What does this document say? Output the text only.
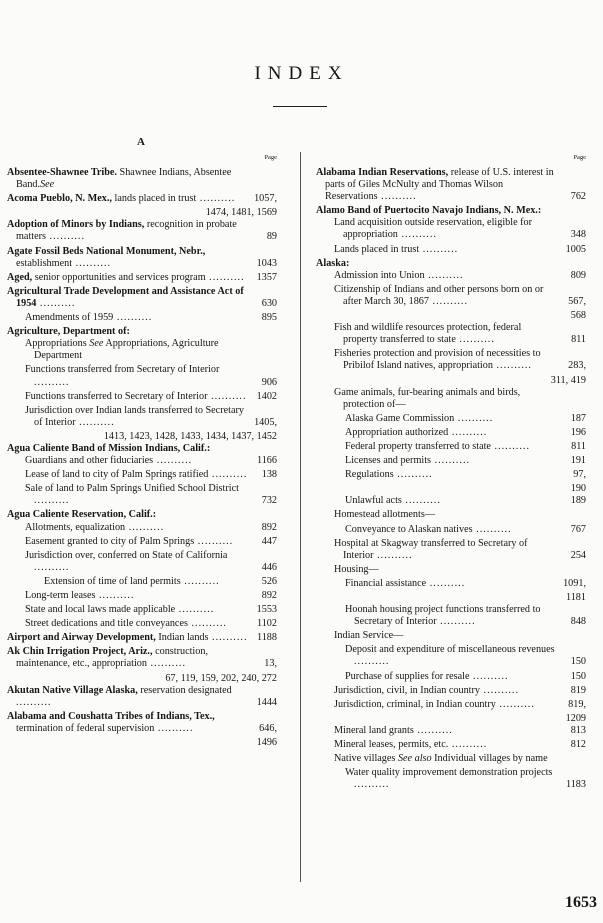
INDEX
A
Page
Absentee-Shawnee Tribe. Shawnee Indians, Absentee Band.See
Acoma Pueblo, N. Mex., lands placed in trust .......... 1057,
1474, 1481, 1569
Adoption of Minors by Indians, recognition in probate matters ..........	89
Agate Fossil Beds National Monument, Nebr., establishment ..........	1043
Aged, senior opportunities and services program .......... 1357
Agricultural Trade Development and Assistance Act of 1954 ..........	630
Amendments of 1959 ..........	895
Agriculture, Department of:
Appropriations See Appropriations, Agriculture Department
Functions transferred from Secretary of Interior ..........	906
Functions transferred to Secretary of Interior .......... 1402
Jurisdiction over Indian lands transferred to Secretary of Interior ..........	1405,
1413, 1423, 1428, 1433, 1434, 1437, 1452
Agua Caliente Band of Mission Indians, Calif.:
Guardians and other fiduciaries ..........	1166
Lease of land to city of Palm Springs ratified .......... 138
Sale of land to Palm Springs Unified School District ..........	732
Agua Caliente Reservation, Calif.:
Allotments, equalization ..........	892
Easement granted to city of Palm Springs ..........	447
Jurisdiction over, conferred on State of California ..........	446
Extension of time of land permits ..........	526
Long-term leases ..........	892
State and local laws made applicable ..........	1553
Street dedications and title conveyances ..........	1102
Airport and Airway Development, Indian lands .......... 1188
Ak Chin Irrigation Project, Ariz., construction, maintenance, etc., appropriation ..........	13,
67, 119, 159, 202, 240, 272
Akutan Native Village Alaska, reservation designated ..........	1444
Alabama and Coushatta Tribes of Indians, Tex., termination of federal supervision ..........	646,
1496
Page
Alabama Indian Reservations, release of U.S. interest in parts of Giles McNulty and Thomas Wilson Reservations ..........	762
Alamo Band of Puertocito Navajo Indians, N. Mex.:
Land acquisition outside reservation, eligible for appropriation ..........	348
Lands placed in trust ..........	1005
Alaska:
Admission into Union ..........	809
Citizenship of Indians and other persons born on or after March 30, 1867 ..........	567,
568
Fish and wildlife resources protection, federal property transferred to state ..........	811
Fisheries protection and provision of necessities to Pribilof Island natives, appropriation ..........	283,
311, 419
Game animals, fur-bearing animals and birds, protection of—
Alaska Game Commission ..........	187
Appropriation authorized ..........	196
Federal property transferred to state ..........	811
Licenses and permits ..........	191
Regulations ..........	97,
190
Unlawful acts ..........	189
Homestead allotments—
Conveyance to Alaskan natives ..........	767
Hospital at Skagway transferred to Secretary of Interior ..........	254
Housing—
Financial assistance ..........	1091,
1181
Hoonah housing project functions transferred to Secretary of Interior ..........	848
Indian Service—
Deposit and expenditure of miscellaneous revenues ..........	150
Purchase of supplies for resale ..........	150
Jurisdiction, civil, in Indian country ..........	819
Jurisdiction, criminal, in Indian country ..........	819,
1209
Mineral land grants ..........	813
Mineral leases, permits, etc. ..........	812
Native villages See also Individual villages by name
Water quality improvement demonstration projects ..........	1183
1653
